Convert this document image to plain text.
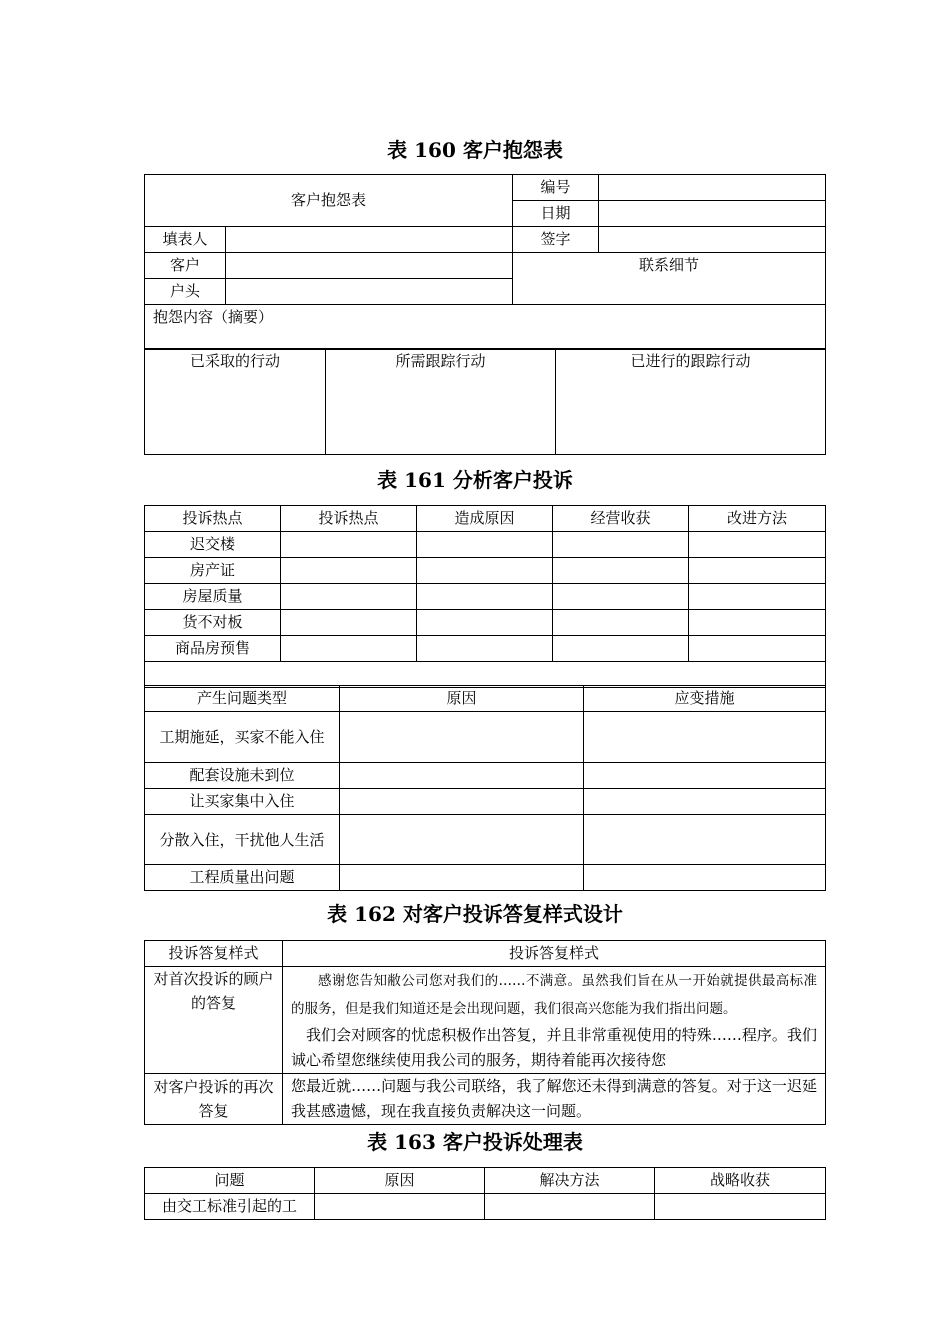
表 160 客户抱怨表
客户抱怨表		编号	
		日期	
填表人		签字	
客户		联系细节	
户头			
抱怨内容（摘要）			
已采取的行动	所需跟踪行动	已进行的跟踪行动
表 161 分析客户投诉
投诉热点	投诉热点	造成原因	经营收获	改进方法
迟交楼				
房产证				
房屋质量				
货不对板				
商品房预售				

产生问题类型	原因	应变措施
工期施延，买家不能入住		
配套设施未到位		
让买家集中入住		
分散入住，干扰他人生活		
工程质量出问题		
表 162 对客户投诉答复样式设计
投诉答复样式	投诉答复样式
对首次投诉的顾户的答复	感谢您告知敝公司您对我们的……不满意。虽然我们旨在从一开始就提供最高标准的服务，但是我们知道还是会出现问题，我们很高兴您能为我们指出问题。
我们会对顾客的忧虑积极作出答复，并且非常重视使用的特殊……程序。我们诚心希望您继续使用我公司的服务，期待着能再次接待您

对客户投诉的再次答复	您最近就……问题与我公司联络，我了解您还未得到满意的答复。对于这一迟延我甚感遗憾，现在我直接负责解决这一问题。
表 163 客户投诉处理表
问题	原因	解决方法	战略收获
由交工标准引起的工			
